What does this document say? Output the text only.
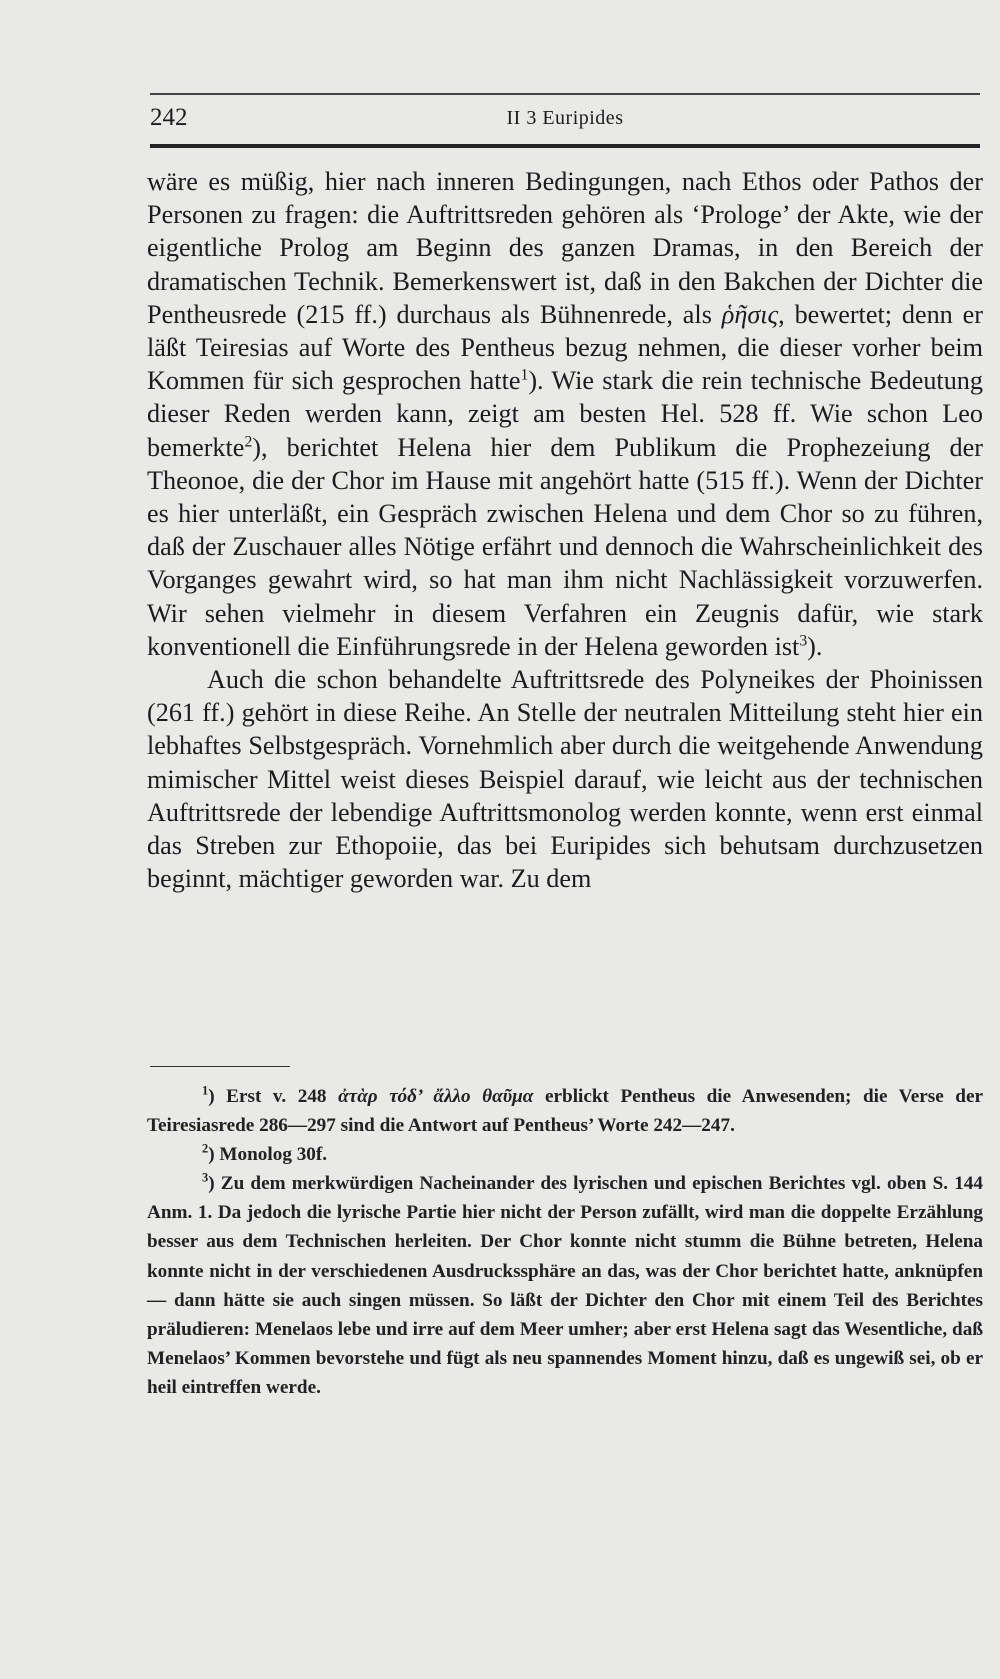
242	II 3 Euripides

wäre es müßig, hier nach inneren Bedingungen, nach Ethos oder Pathos der Personen zu fragen: die Auftrittsreden gehören als ‘Prologe’ der Akte, wie der eigentliche Prolog am Beginn des ganzen Dramas, in den Bereich der dramatischen Technik. Bemerkenswert ist, daß in den Bakchen der Dichter die Pentheusrede (215 ff.) durchaus als Bühnenrede, als ῥῆσις, bewertet; denn er läßt Teiresias auf Worte des Pentheus bezug nehmen, die dieser vorher beim Kommen für sich gesprochen hatte$^1$). Wie stark die rein technische Bedeutung dieser Reden werden kann, zeigt am besten Hel. 528 ff. Wie schon Leo bemerkte$^2$), berichtet Helena hier dem Publikum die Prophezeiung der Theonoe, die der Chor im Hause mit angehört hatte (515 ff.). Wenn der Dichter es hier unterläßt, ein Gespräch zwischen Helena und dem Chor so zu führen, daß der Zuschauer alles Nötige erfährt und dennoch die Wahrscheinlichkeit des Vorganges gewahrt wird, so hat man ihm nicht Nachlässigkeit vorzuwerfen. Wir sehen vielmehr in diesem Verfahren ein Zeugnis dafür, wie stark konventionell die Einführungsrede in der Helena geworden ist$^3$).

Auch die schon behandelte Auftrittsrede des Polyneikes der Phoinissen (261 ff.) gehört in diese Reihe. An Stelle der neutralen Mitteilung steht hier ein lebhaftes Selbstgespräch. Vornehmlich aber durch die weitgehende Anwendung mimischer Mittel weist dieses Beispiel darauf, wie leicht aus der technischen Auftrittsrede der lebendige Auftrittsmonolog werden konnte, wenn erst einmal das Streben zur Ethopoiie, das bei Euripides sich behutsam durchzusetzen beginnt, mächtiger geworden war. Zu dem

$^1$) Erst v. 248 ἀτὰρ τόδ’ ἄλλο θαῦμα erblickt Pentheus die Anwesenden; die Verse der Teiresiasrede 286—297 sind die Antwort auf Pentheus’ Worte 242—247.

$^2$) Monolog 30f.

$^3$) Zu dem merkwürdigen Nacheinander des lyrischen und epischen Berichtes vgl. oben S. 144 Anm. 1. Da jedoch die lyrische Partie hier nicht der Person zufällt, wird man die doppelte Erzählung besser aus dem Technischen herleiten. Der Chor konnte nicht stumm die Bühne betreten, Helena konnte nicht in der verschiedenen Ausdruckssphäre an das, was der Chor berichtet hatte, anknüpfen — dann hätte sie auch singen müssen. So läßt der Dichter den Chor mit einem Teil des Berichtes präludieren: Menelaos lebe und irre auf dem Meer umher; aber erst Helena sagt das Wesentliche, daß Menelaos’ Kommen bevorstehe und fügt als neu spannendes Moment hinzu, daß es ungewiß sei, ob er heil eintreffen werde.
